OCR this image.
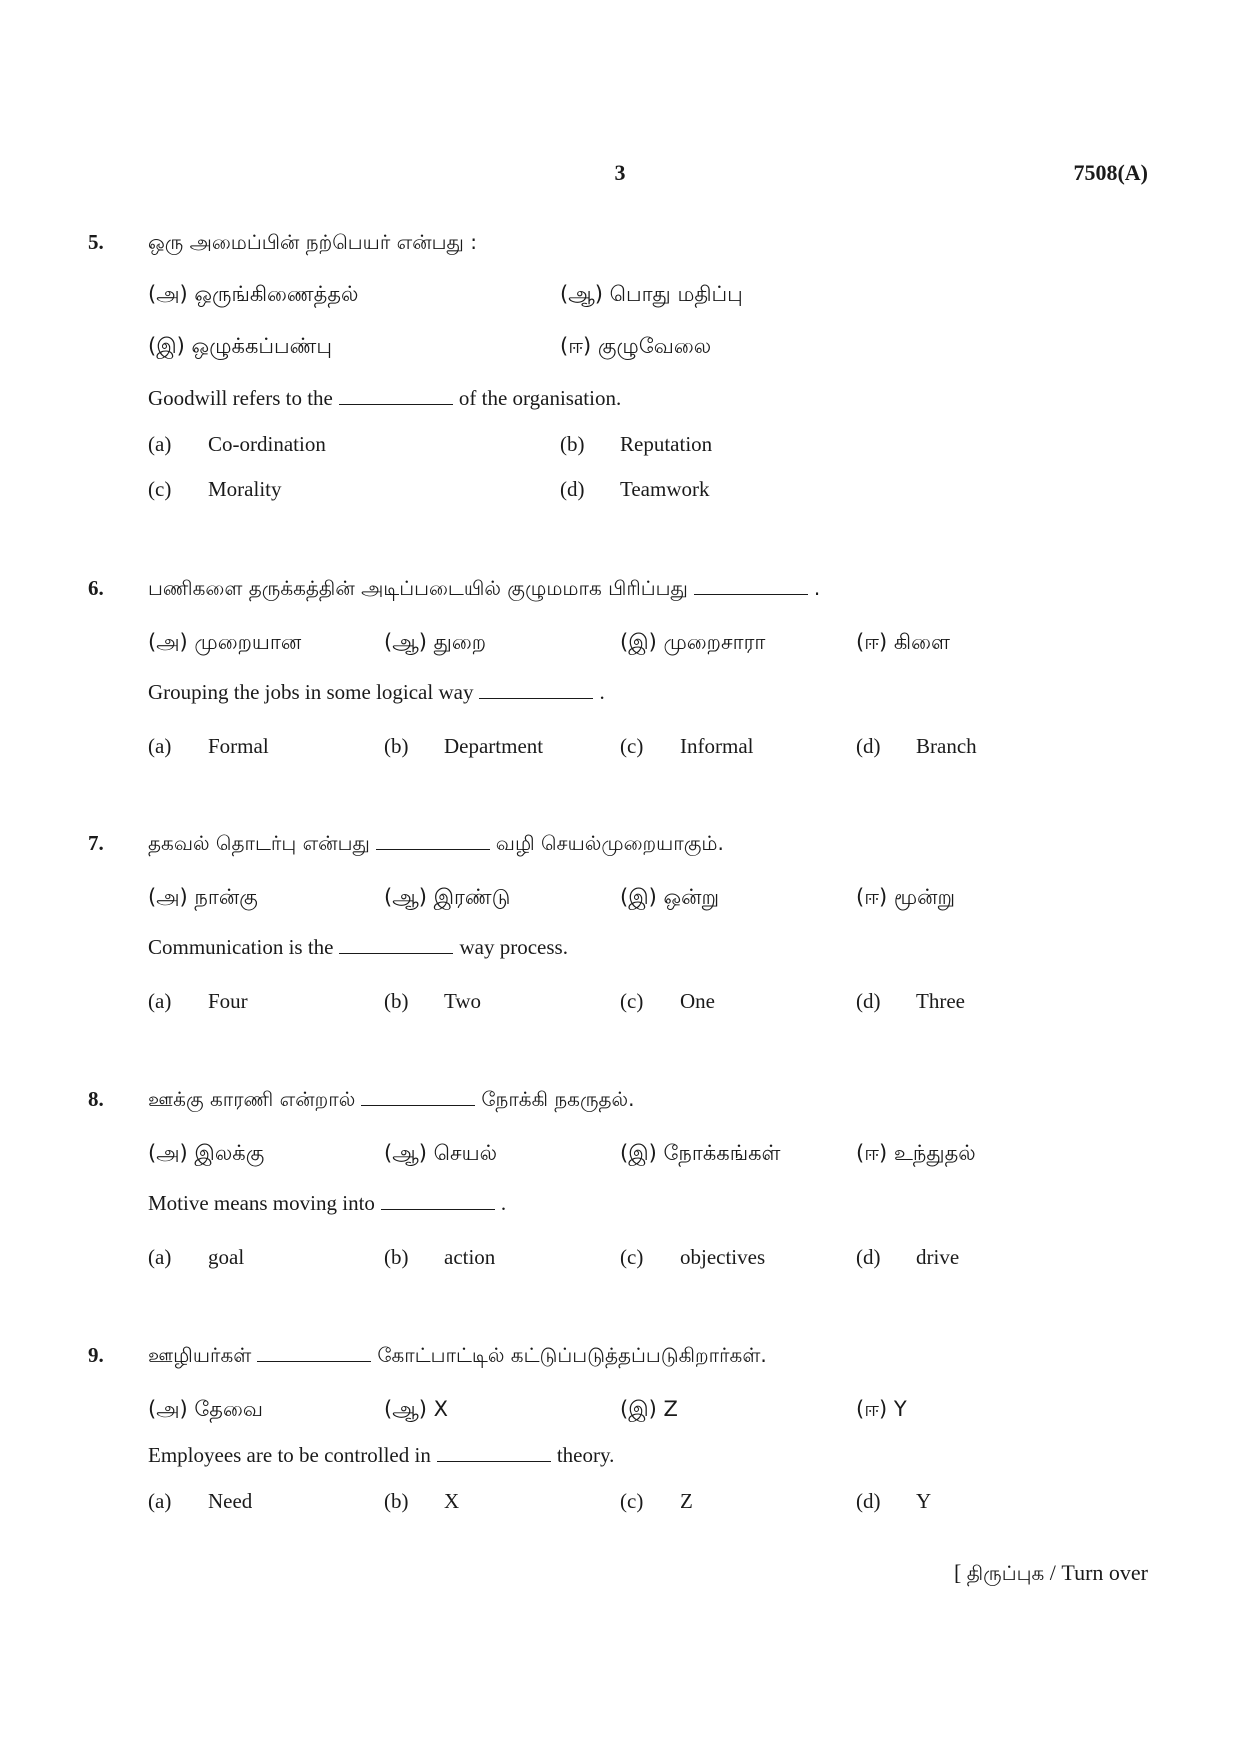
3	7508(A)
5. ஒரு அமைப்பின் நற்பெயர் என்பது :
(அ) ஒருங்கிணைத்தல்	(ஆ) பொது மதிப்பு
(இ) ஒழுக்கப்பண்பு	(ஈ) குழுவேலை
Goodwill refers to the	of the organisation.
(a) Co-ordination	(b) Reputation
(c) Morality	(d) Teamwork
6. பணிகளை தருக்கத்தின் அடிப்படையில் குழுமமாக பிரிப்பது	.
(அ) முறையான	(ஆ) துறை	(இ) முறைசாரா	(ஈ) கிளை
Grouping the jobs in some logical way	.
(a) Formal	(b) Department	(c) Informal	(d) Branch
7. தகவல் தொடர்பு என்பது	வழி செயல்முறையாகும்.
(அ) நான்கு	(ஆ) இரண்டு	(இ) ஒன்று	(ஈ) மூன்று
Communication is the	way process.
(a) Four	(b) Two	(c) One	(d) Three
8. ஊக்கு காரணி என்றால்	நோக்கி நகருதல்.
(அ) இலக்கு	(ஆ) செயல்	(இ) நோக்கங்கள்	(ஈ) உந்துதல்
Motive means moving into	.
(a) goal	(b) action	(c) objectives	(d) drive
9. ஊழியர்கள்	கோட்பாட்டில் கட்டுப்படுத்தப்படுகிறார்கள்.
(அ) தேவை	(ஆ) X	(இ) Z	(ஈ) Y
Employees are to be controlled in	theory.
(a) Need	(b) X	(c) Z	(d) Y
[ திருப்புக / Turn over
